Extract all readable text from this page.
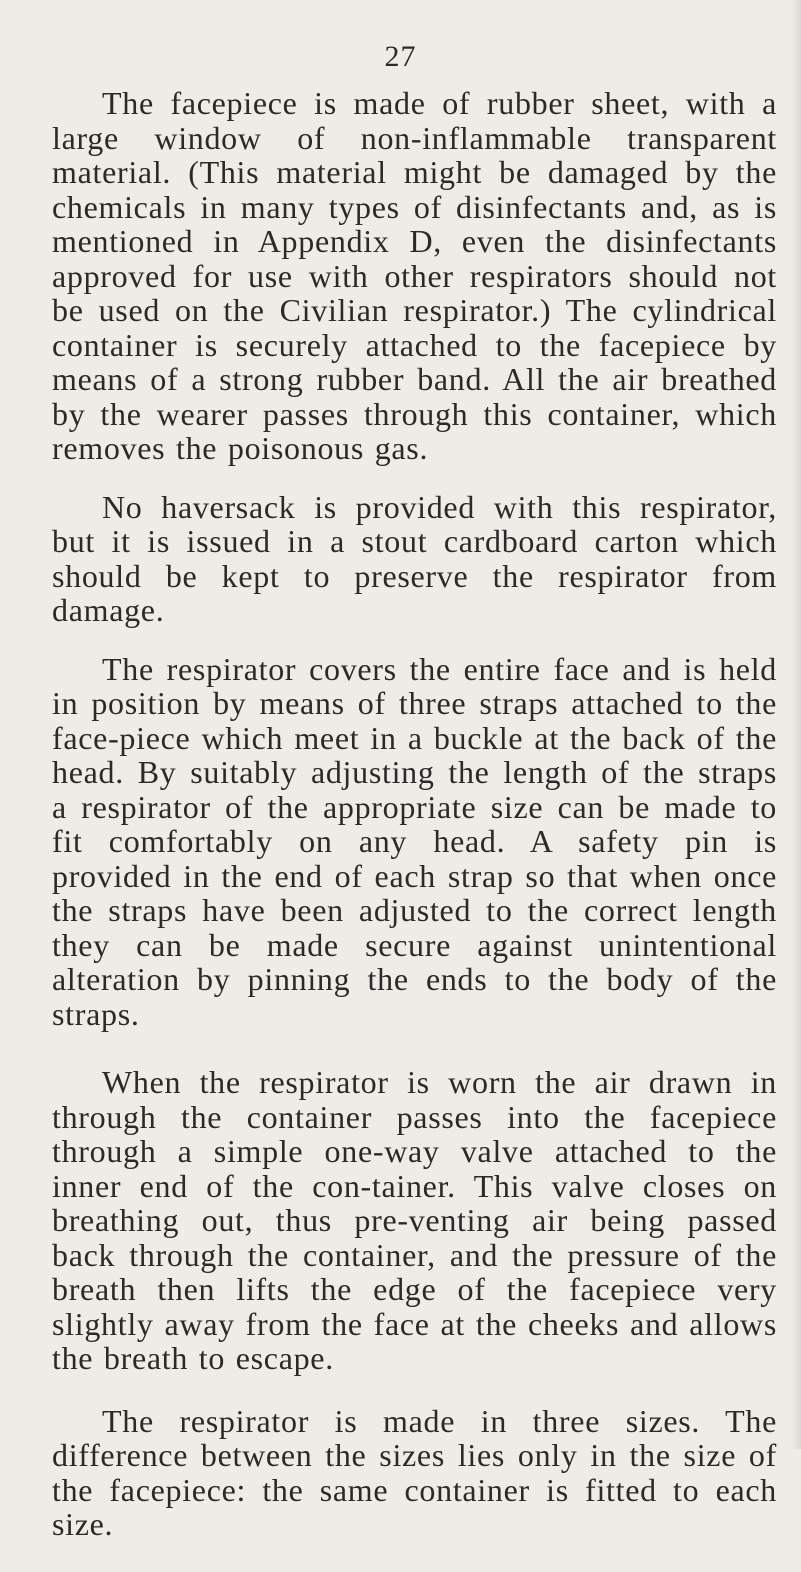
27

The facepiece is made of rubber sheet, with a large window of non-inflammable transparent material. (This material might be damaged by the chemicals in many types of disinfectants and, as is mentioned in Appendix D, even the disinfectants approved for use with other respirators should not be used on the Civilian respirator.) The cylindrical container is securely attached to the facepiece by means of a strong rubber band. All the air breathed by the wearer passes through this container, which removes the poisonous gas.

No haversack is provided with this respirator, but it is issued in a stout cardboard carton which should be kept to preserve the respirator from damage.

The respirator covers the entire face and is held in position by means of three straps attached to the face-piece which meet in a buckle at the back of the head. By suitably adjusting the length of the straps a respirator of the appropriate size can be made to fit comfortably on any head. A safety pin is provided in the end of each strap so that when once the straps have been adjusted to the correct length they can be made secure against unintentional alteration by pinning the ends to the body of the straps.

When the respirator is worn the air drawn in through the container passes into the facepiece through a simple one-way valve attached to the inner end of the con-tainer. This valve closes on breathing out, thus pre-venting air being passed back through the container, and the pressure of the breath then lifts the edge of the facepiece very slightly away from the face at the cheeks and allows the breath to escape.

The respirator is made in three sizes. The difference between the sizes lies only in the size of the facepiece: the same container is fitted to each size.
